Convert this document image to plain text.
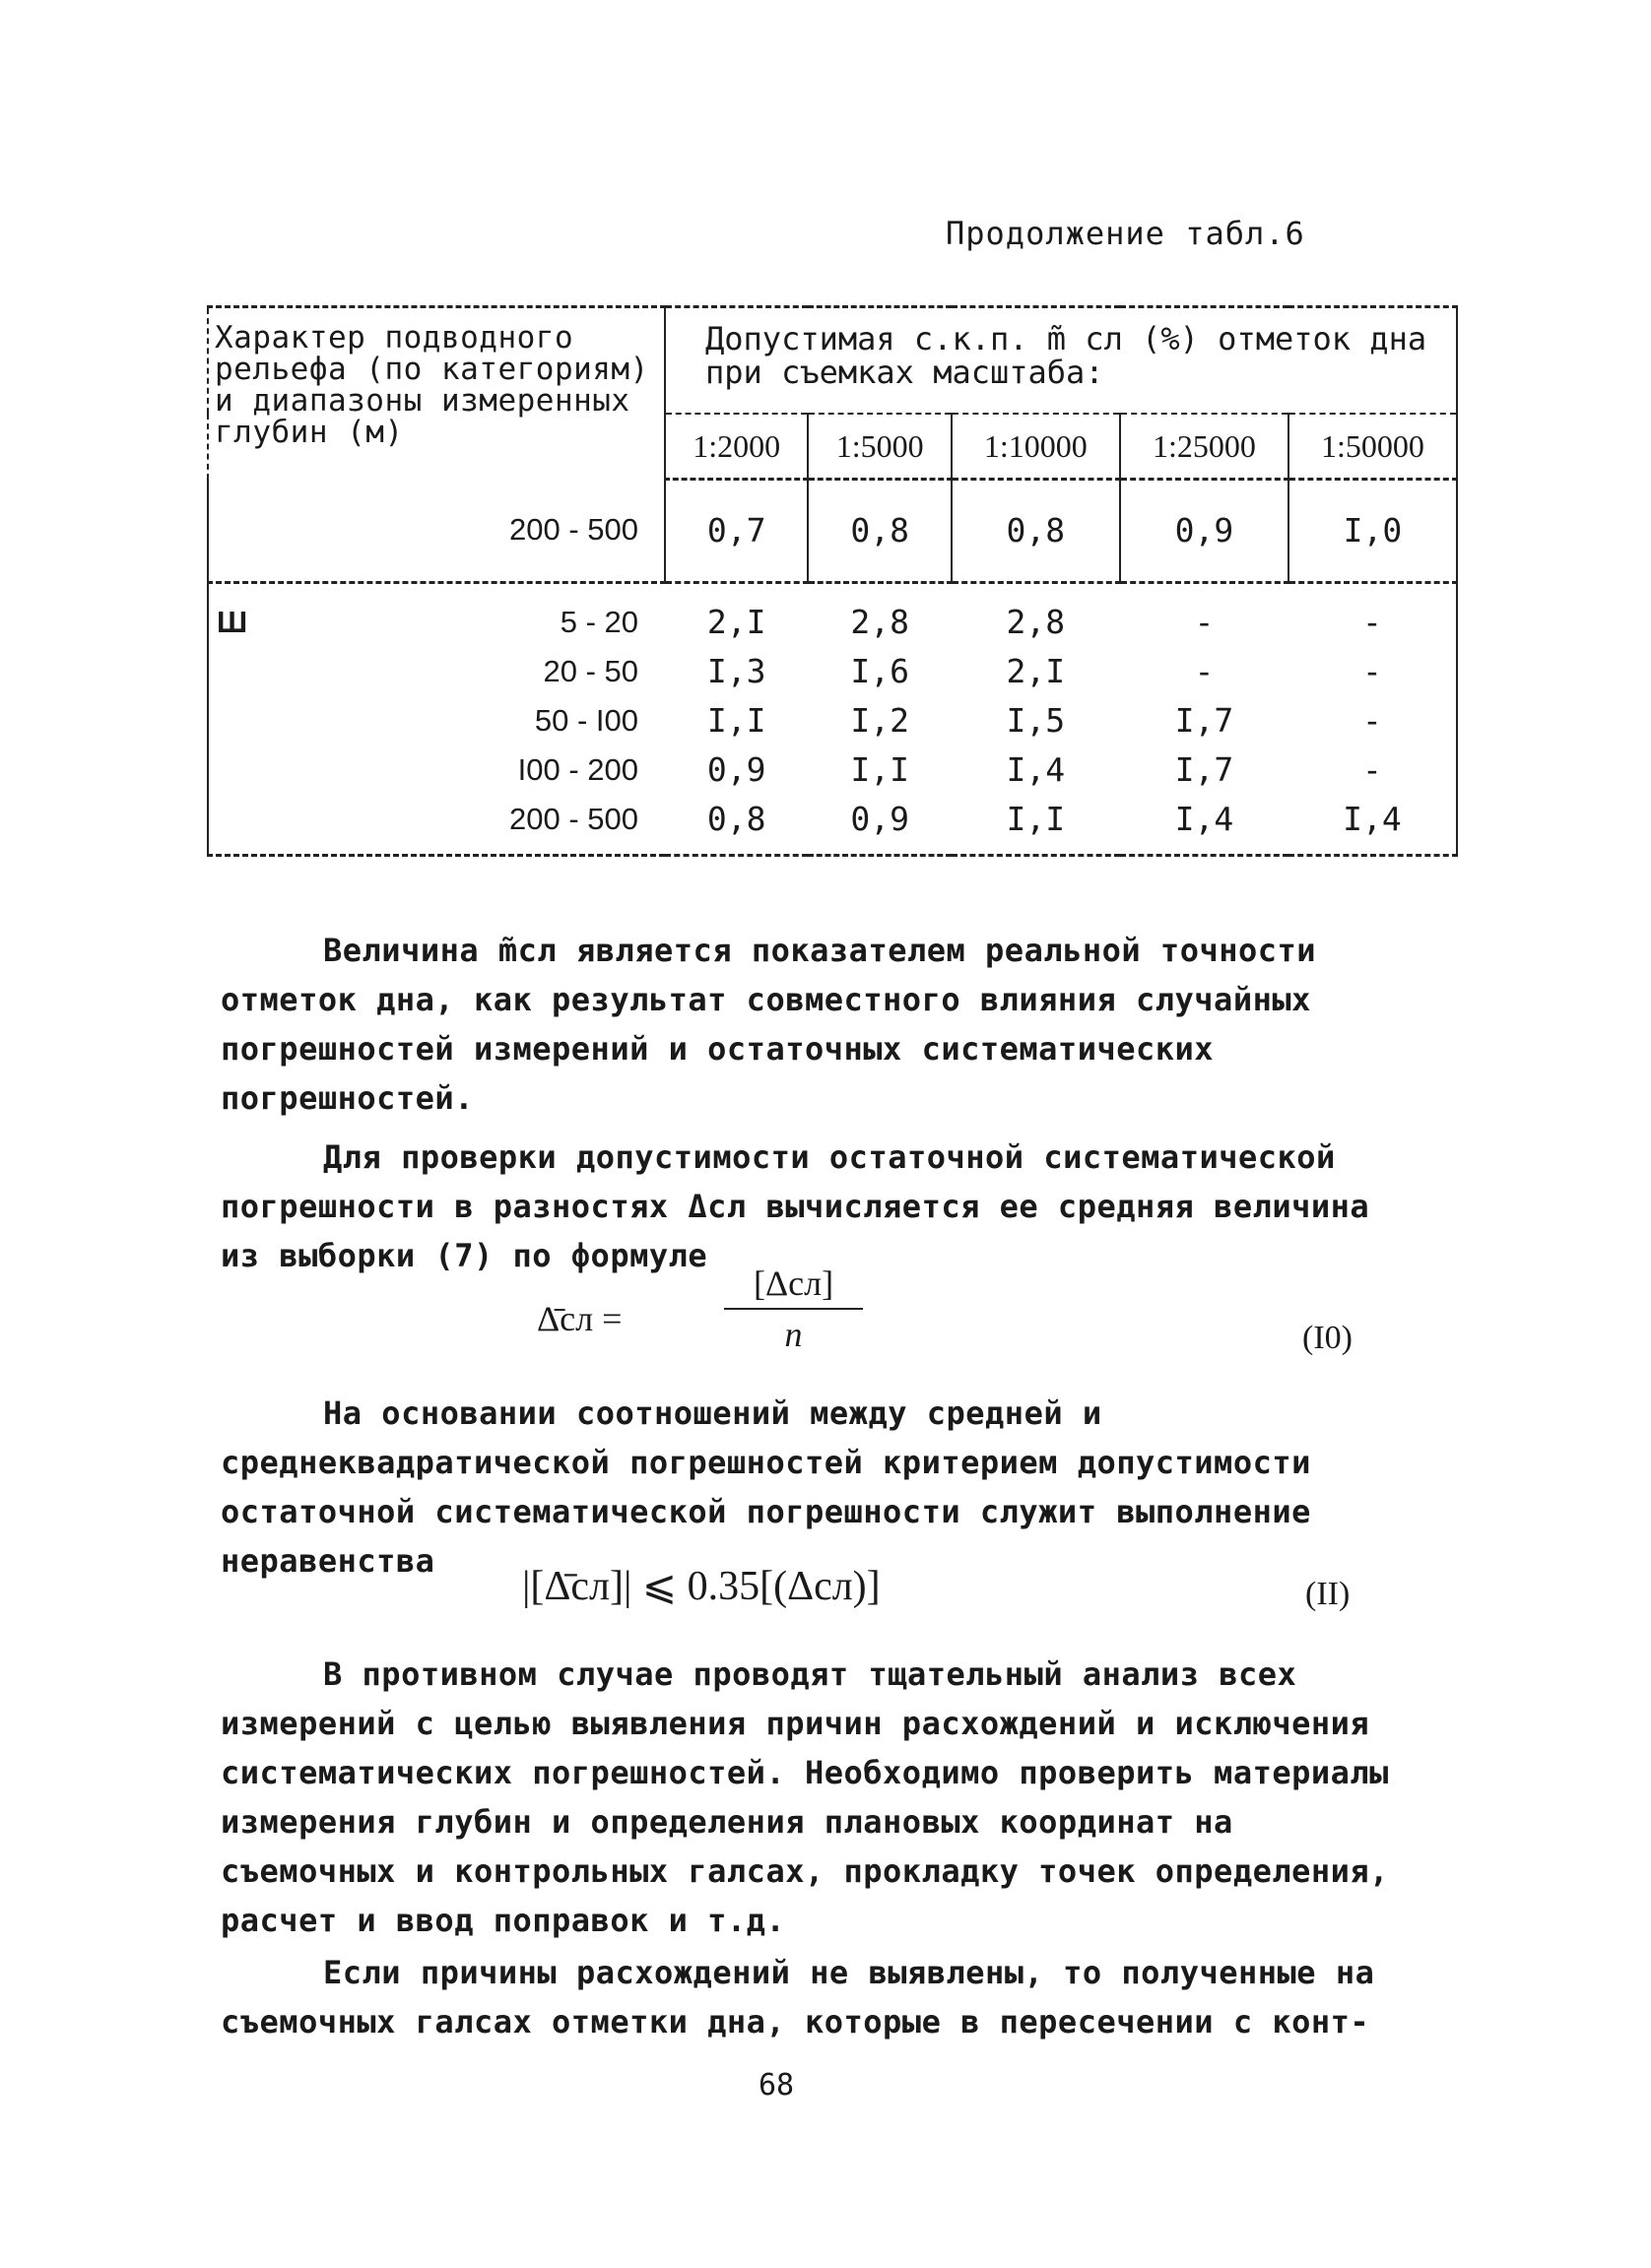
Продолжение табл.6
Характер подводного рельефа (по категориям) и диапазоны измеренных глубин (м)	Допустимая с.к.п. m̃ сл (%) отметок дна при съемках масштаба:				
	1:2000	1:5000	1:10000	1:25000	1:50000
200 - 500	0,7	0,8	0,8	0,9	I,0
Ш 5 - 20	2,I	2,8	2,8	-	-
20 - 50	I,3	I,6	2,I	-	-
50 - I00	I,I	I,2	I,5	I,7	-
I00 - 200	0,9	I,I	I,4	I,7	-
200 - 500	0,8	0,9	I,I	I,4	I,4
Величина m̃сл является показателем реальной точности отметок дна, как результат совместного влияния случайных погрешностей измерений и остаточных систематических погрешностей.
Для проверки допустимости остаточной систематической погрешности в разностях Δсл вычисляется ее средняя величина из выборки (7) по формуле
Δ̄сл =
[Δсл]
n	(I0)
На основании соотношений между средней и среднеквадратической погрешностей критерием допустимости остаточной систематической погрешности служит выполнение неравенства
|[Δ̄сл]| ⩽ 0.35[(Δсл)]	(II)
В противном случае проводят тщательный анализ всех измерений с целью выявления причин расхождений и исключения систематических погрешностей. Необходимо проверить материалы измерения глубин и определения плановых координат на съемочных и контрольных галсах, прокладку точек определения, расчет и ввод поправок и т.д.
Если причины расхождений не выявлены, то полученные на съемочных галсах отметки дна, которые в пересечении с конт-
68
